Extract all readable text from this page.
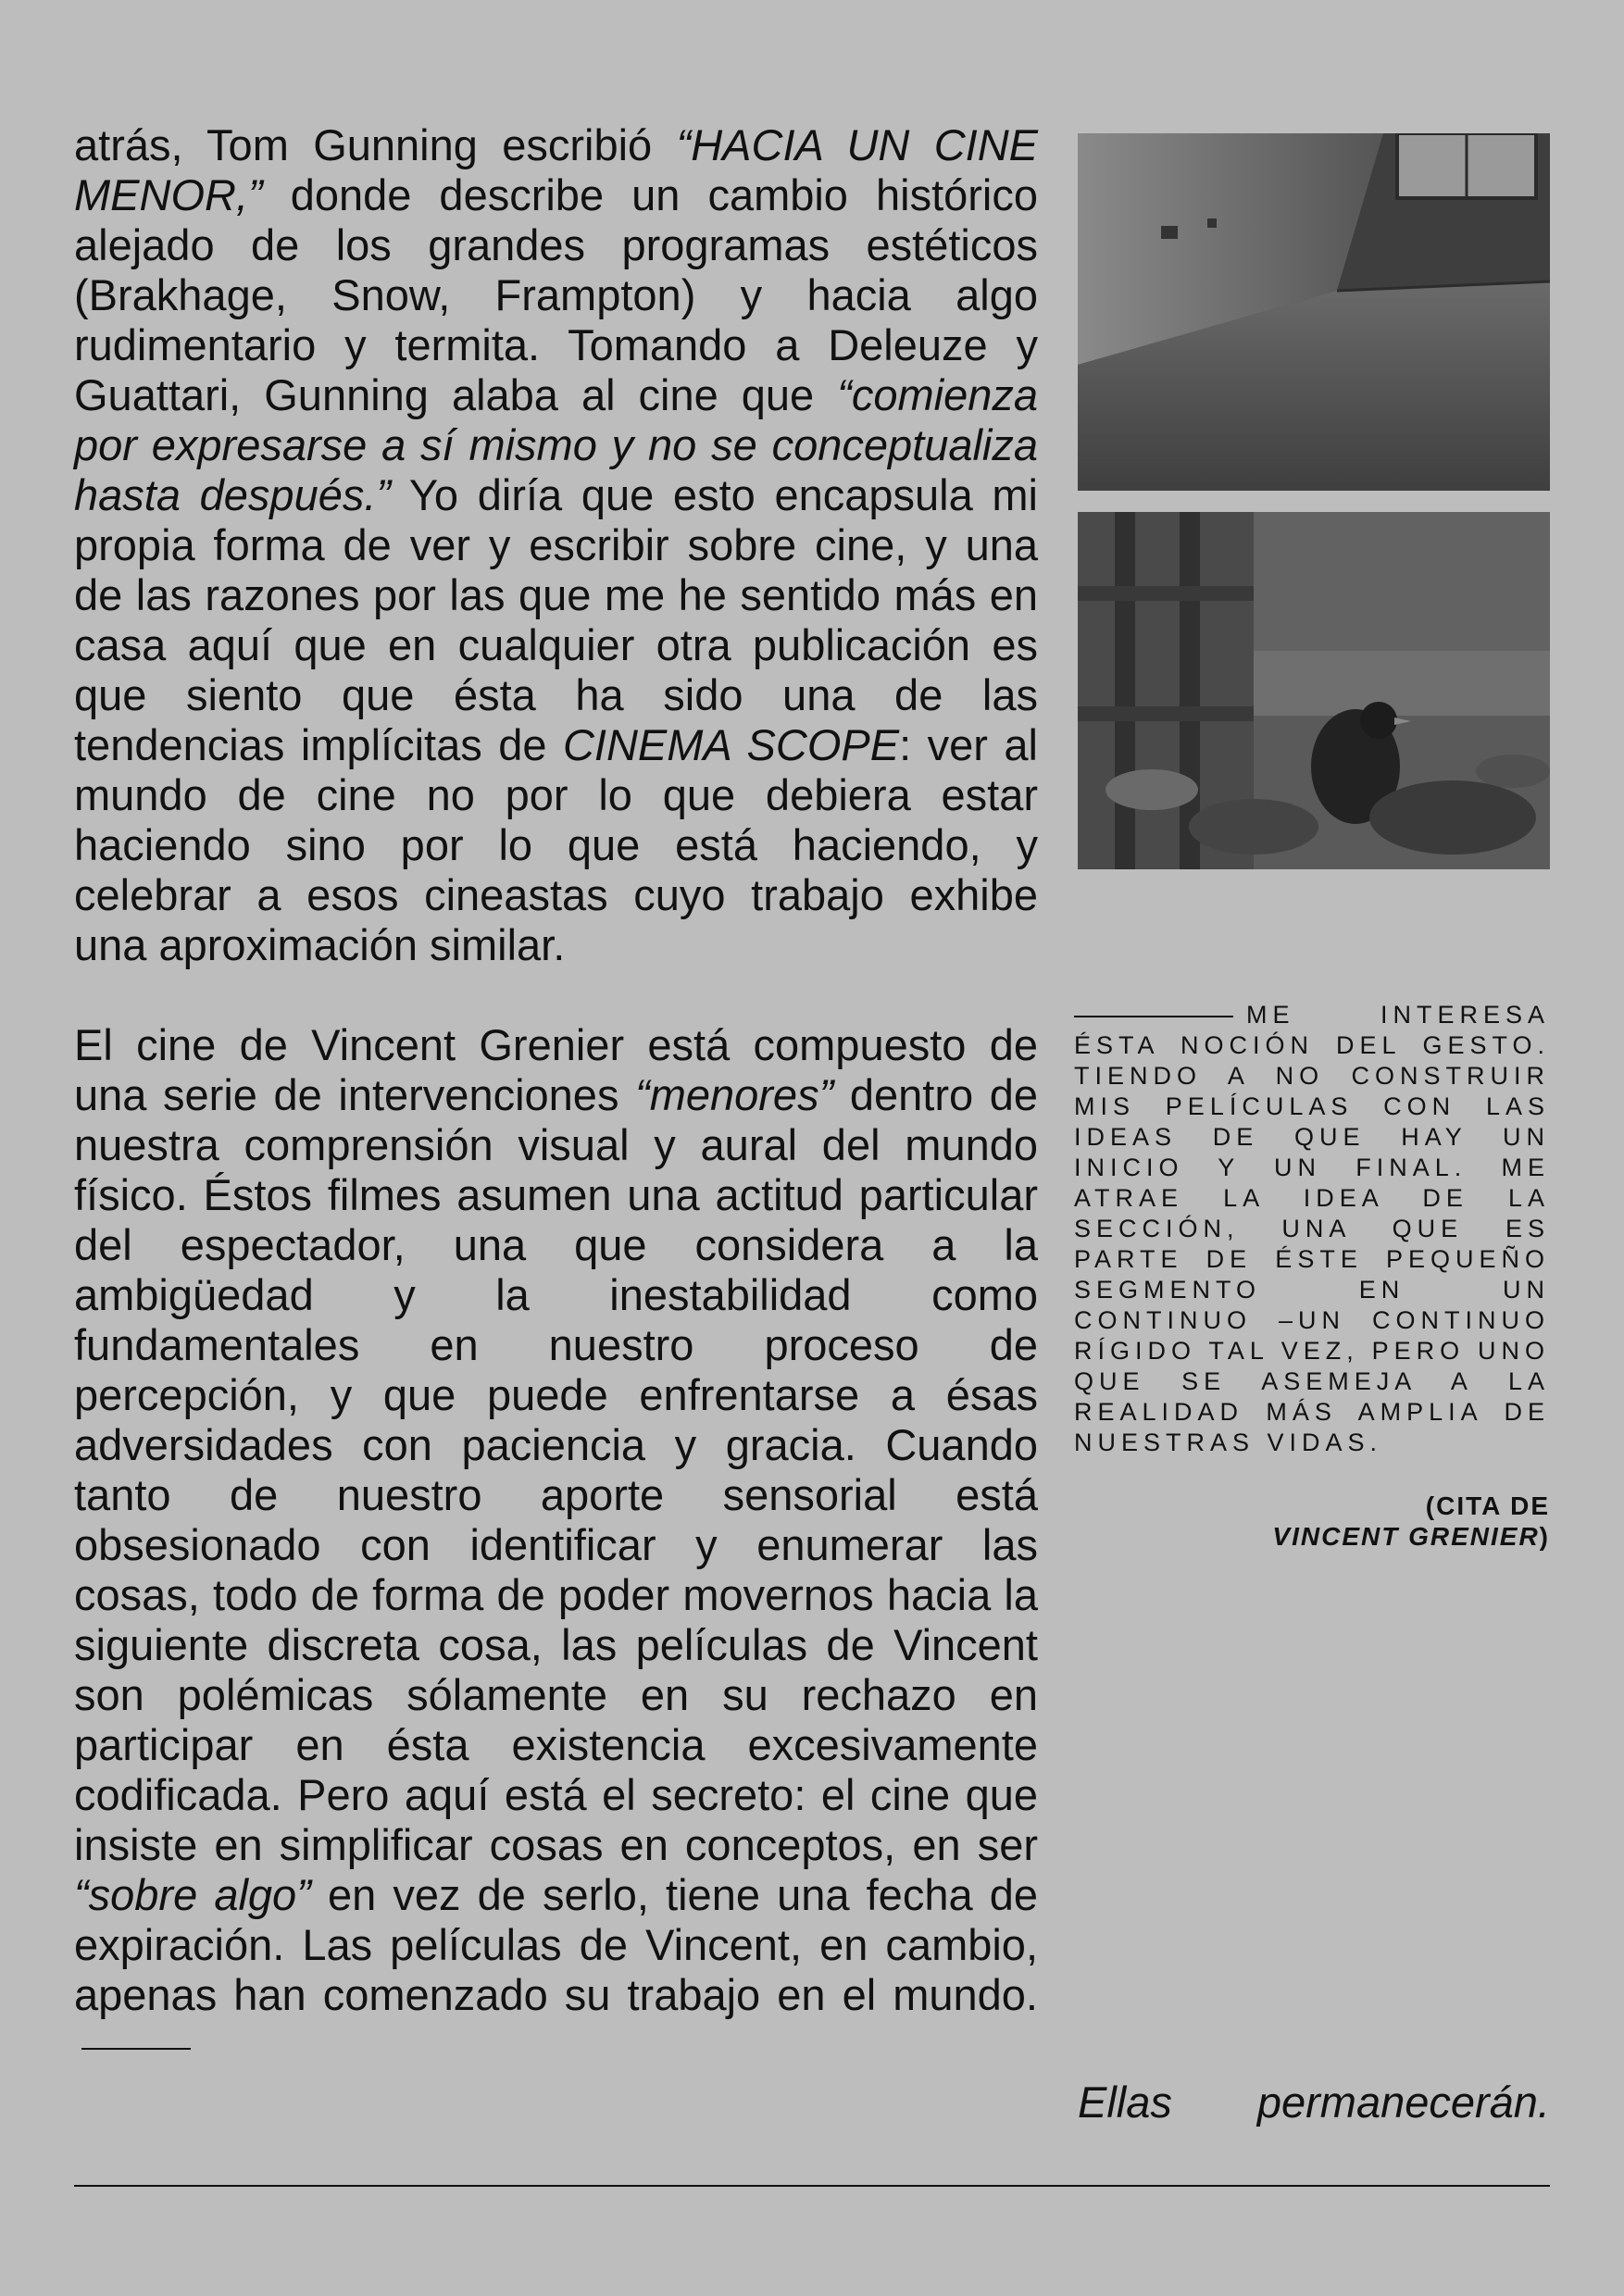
atrás, Tom Gunning escribió “HACIA UN CINE MENOR,” donde describe un cambio histórico alejado de los grandes programas estéticos (Brakhage, Snow, Frampton) y hacia algo rudimentario y termita. Tomando a Deleuze y Guattari, Gunning alaba al cine que “comienza por expresarse a sí mismo y no se conceptualiza hasta después.” Yo diría que esto encapsula mi propia forma de ver y escribir sobre cine, y una de las razones por las que me he sentido más en casa aquí que en cualquier otra publicación es que siento que ésta ha sido una de las tendencias implícitas de CINEMA SCOPE: ver al mundo de cine no por lo que debiera estar haciendo sino por lo que está haciendo, y celebrar a esos cineastas cuyo trabajo exhibe una aproximación similar.

El cine de Vincent Grenier está compuesto de una serie de intervenciones “menores” dentro de nuestra comprensión visual y aural del mundo físico. Éstos filmes asumen una actitud particular del espectador, una que considera a la ambigüedad y la inestabilidad como fundamentales en nuestro proceso de percepción, y que puede enfrentarse a ésas adversidades con paciencia y gracia. Cuando tanto de nuestro aporte sensorial está obsesionado con identificar y enumerar las cosas, todo de forma de poder movernos hacia la siguiente discreta cosa, las películas de Vincent son polémicas sólamente en su rechazo en participar en ésta existencia excesivamente codificada. Pero aquí está el secreto: el cine que insiste en simplificar cosas en conceptos, en ser “sobre algo” en vez de serlo, tiene una fecha de expiración. Las películas de Vincent, en cambio, apenas han comenzado su trabajo en el mundo.

ME INTERESA ÉSTA NOCIÓN DEL GESTO. TIENDO A NO CONSTRUIR MIS PELÍCULAS CON LAS IDEAS DE QUE HAY UN INICIO Y UN FINAL. ME ATRAE LA IDEA DE LA SECCIÓN, UNA QUE ES PARTE DE ÉSTE PEQUEÑO SEGMENTO EN UN CONTINUO –UN CONTINUO RÍGIDO TAL VEZ, PERO UNO QUE SE ASEMEJA A LA REALIDAD MÁS AMPLIA DE NUESTRAS VIDAS.
(CITA DE
VINCENT GRENIER)
Ellas permanecerán.
